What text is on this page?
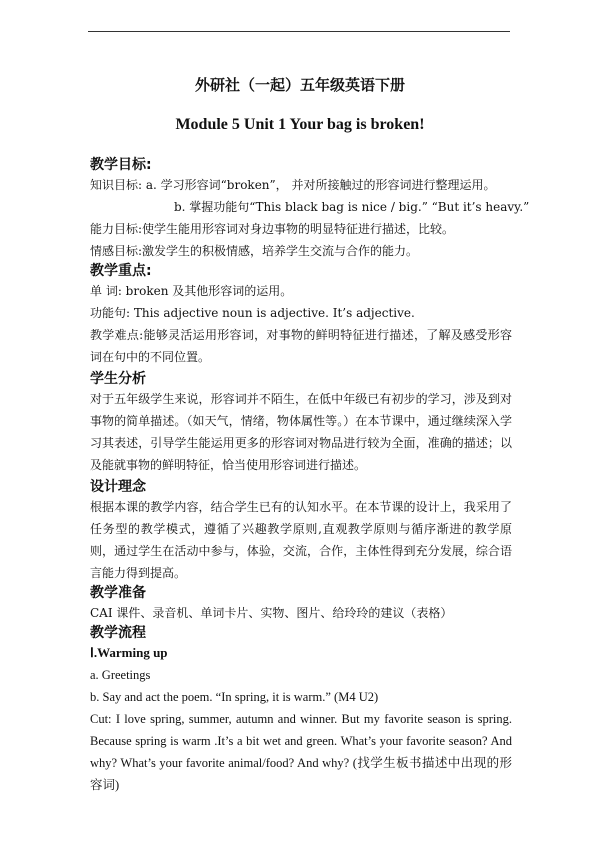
外研社（一起）五年级英语下册
Module 5 Unit 1 Your bag is broken!
教学目标:
知识目标: a. 学习形容词“broken”， 并对所接触过的形容词进行整理运用。
b. 掌握功能句“This black bag is nice / big.” “But it’s heavy.”
能力目标:使学生能用形容词对身边事物的明显特征进行描述，比较。
情感目标:激发学生的积极情感，培养学生交流与合作的能力。
教学重点:
单 词: broken 及其他形容词的运用。
功能句: This adjective noun is adjective. It’s adjective.
教学难点:能够灵活运用形容词，对事物的鲜明特征进行描述，了解及感受形容词在句中的不同位置。
学生分析
对于五年级学生来说，形容词并不陌生，在低中年级已有初步的学习，涉及到对事物的简单描述。（如天气，情绪，物体属性等。）在本节课中，通过继续深入学习其表述，引导学生能运用更多的形容词对物品进行较为全面，准确的描述；以及能就事物的鲜明特征，恰当使用形容词进行描述。
设计理念
根据本课的教学内容，结合学生已有的认知水平。在本节课的设计上，我采用了任务型的教学模式，遵循了兴趣教学原则,直观教学原则与循序渐进的教学原则，通过学生在活动中参与，体验，交流，合作，主体性得到充分发展，综合语言能力得到提高。
教学准备
CAI 课件、录音机、单词卡片、实物、图片、给玲玲的建议（表格）
教学流程
Ⅰ.Warming up
a. Greetings
b. Say and act the poem. “In spring, it is warm.” (M4 U2)
Cut: I love spring, summer, autumn and winner. But my favorite season is spring. Because spring is warm .It’s a bit wet and green. What’s your favorite season? And why? What’s your favorite animal/food? And why? (找学生板书描述中出现的形容词)
